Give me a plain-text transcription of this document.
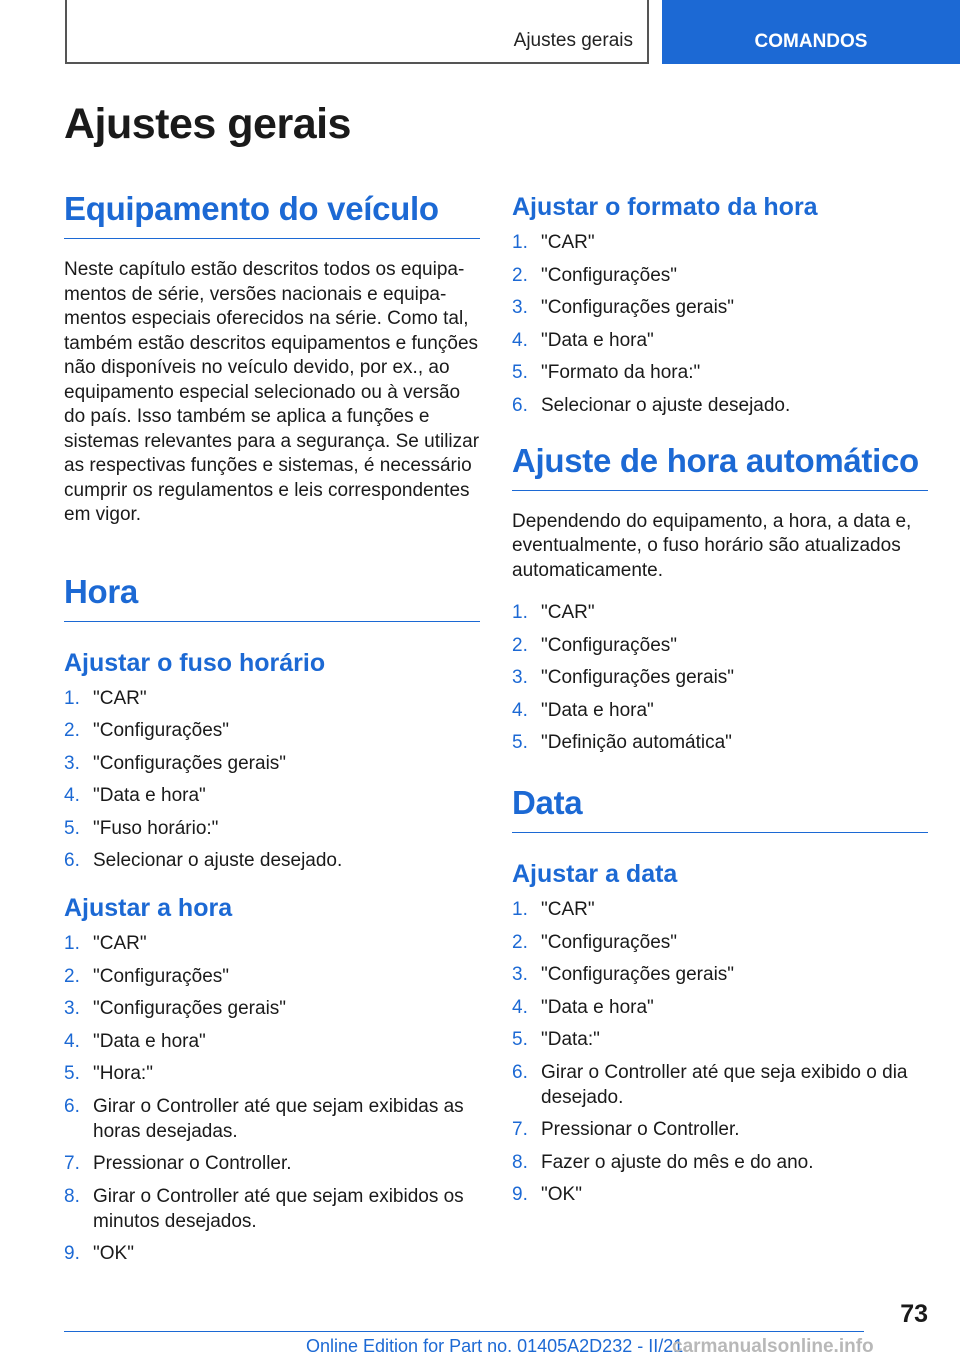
Ajustes gerais	COMANDOS
Ajustes gerais
Equipamento do veículo

Neste capítulo estão descritos todos os equipamentos de série, versões nacionais e equipamentos especiais oferecidos na série. Como tal, também estão descritos equipamentos e funções não disponíveis no veículo devido, por ex., ao equipamento especial selecionado ou à versão do país. Isso também se aplica a funções e sistemas relevantes para a segurança. Se utilizar as respectivas funções e sistemas, é necessário cumprir os regulamentos e leis correspondentes em vigor.

Hora
Ajustar o fuso horário
1. "CAR"
2. "Configurações"
3. "Configurações gerais"
4. "Data e hora"
5. "Fuso horário:"
6. Selecionar o ajuste desejado.
Ajustar a hora
1. "CAR"
2. "Configurações"
3. "Configurações gerais"
4. "Data e hora"
5. "Hora:"
6. Girar o Controller até que sejam exibidas as horas desejadas.
7. Pressionar o Controller.
8. Girar o Controller até que sejam exibidos os minutos desejados.
9. "OK"
Ajustar o formato da hora
1. "CAR"
2. "Configurações"
3. "Configurações gerais"
4. "Data e hora"
5. "Formato da hora:"
6. Selecionar o ajuste desejado.
Ajuste de hora automático

Dependendo do equipamento, a hora, a data e, eventualmente, o fuso horário são atualizados automaticamente.

1. "CAR"
2. "Configurações"
3. "Configurações gerais"
4. "Data e hora"
5. "Definição automática"
Data
Ajustar a data
1. "CAR"
2. "Configurações"
3. "Configurações gerais"
4. "Data e hora"
5. "Data:"
6. Girar o Controller até que seja exibido o dia desejado.
7. Pressionar o Controller.
8. Fazer o ajuste do mês e do ano.
9. "OK"
73
Online Edition for Part no. 01405A2D232 - II/21
carmanualsonline.info
